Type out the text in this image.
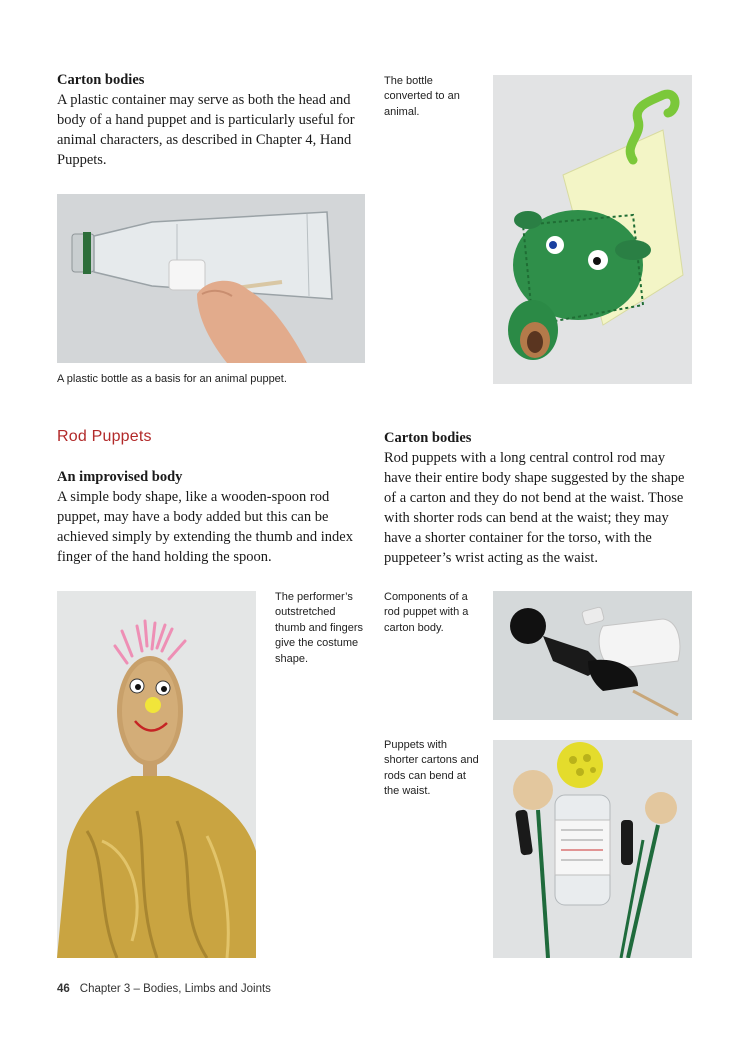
Carton bodies
A plastic container may serve as both the head and body of a hand puppet and is particularly useful for animal characters, as described in Chapter 4, Hand Puppets.
The bottle converted to an animal.
A plastic bottle as a basis for an animal puppet.
Rod Puppets
An improvised body
A simple body shape, like a wooden-spoon rod puppet, may have a body added but this can be achieved simply by extending the thumb and index finger of the hand holding the spoon.
Carton bodies
Rod puppets with a long central control rod may have their entire body shape suggested by the shape of a carton and they do not bend at the waist. Those with shorter rods can bend at the waist; they may have a shorter container for the torso, with the puppeteer’s wrist acting as the waist.
The performer’s outstretched thumb and fingers give the costume shape.
Components of a rod puppet with a carton body.
Puppets with shorter cartons and rods can bend at the waist.
46 Chapter 3 – Bodies, Limbs and Joints
